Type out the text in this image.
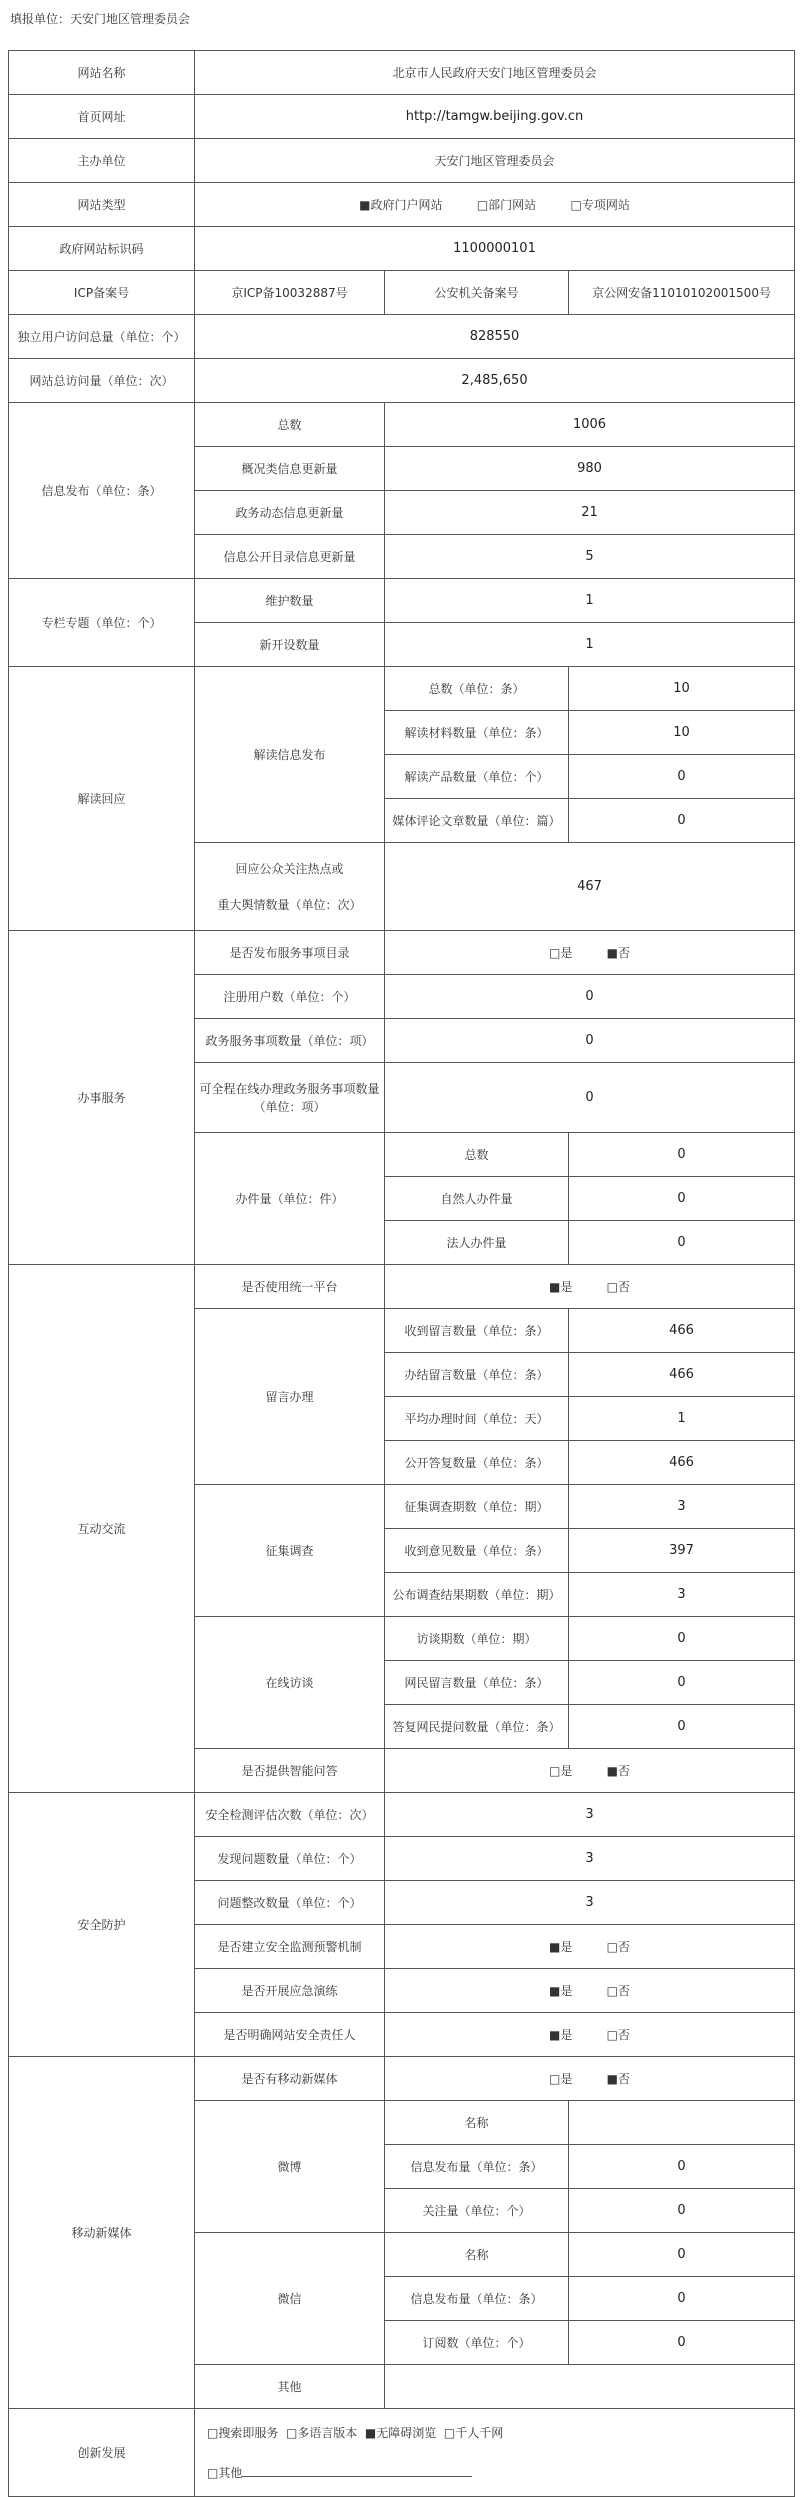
填报单位：天安门地区管理委员会
网站名称	北京市人民政府天安门地区管理委员会		
首页网址	http://tamgw.beijing.gov.cn		
主办单位	天安门地区管理委员会		
网站类型	■政府门户网站 □部门网站 □专项网站		
政府网站标识码	1100000101		
ICP备案号	京ICP备10032887号	公安机关备案号	京公网安备11010102001500号
独立用户访问总量（单位：个）	828550		
网站总访问量（单位：次）	2,485,650		
信息发布（单位：条）	总数	1006	
	概况类信息更新量	980	
	政务动态信息更新量	21	
	信息公开目录信息更新量	5	
专栏专题（单位：个）	维护数量	1	
	新开设数量	1	
解读回应	解读信息发布	总数（单位：条）	10
		解读材料数量（单位：条）	10
		解读产品数量（单位：个）	0
		媒体评论文章数量（单位：篇）	0

	回应公众关注热点或
重大舆情数量（单位：次）	467	
办事服务	是否发布服务事项目录	□是 ■否	
	注册用户数（单位：个）	0	
	政务服务事项数量（单位：项）	0	
	可全程在线办理政务服务事项数量（单位：项）	0	
	办件量（单位：件）	总数	0
		自然人办件量	0
		法人办件量	0
互动交流	是否使用统一平台	■是 □否	
	留言办理	收到留言数量（单位：条）	466
		办结留言数量（单位：条）	466
		平均办理时间（单位：天）	1
		公开答复数量（单位：条）	466
	征集调查	征集调查期数（单位：期）	3
		收到意见数量（单位：条）	397
		公布调查结果期数（单位：期）	3
	在线访谈	访谈期数（单位：期）	0
		网民留言数量（单位：条）	0
		答复网民提问数量（单位：条）	0
	是否提供智能问答	□是 ■否	
安全防护	安全检测评估次数（单位：次）	3	
	发现问题数量（单位：个）	3	
	问题整改数量（单位：个）	3	
	是否建立安全监测预警机制	■是 □否	
	是否开展应急演练	■是 □否	
	是否明确网站安全责任人	■是 □否	
移动新媒体	是否有移动新媒体	□是 ■否	
	微博	名称	
		信息发布量（单位：条）	0
		关注量（单位：个）	0
	微信	名称	0
		信息发布量（单位：条）	0
		订阅数（单位：个）	0
	其他		
创新发展	□搜索即服务  □多语言版本  ■无障碍浏览  □千人千网
□其他		
